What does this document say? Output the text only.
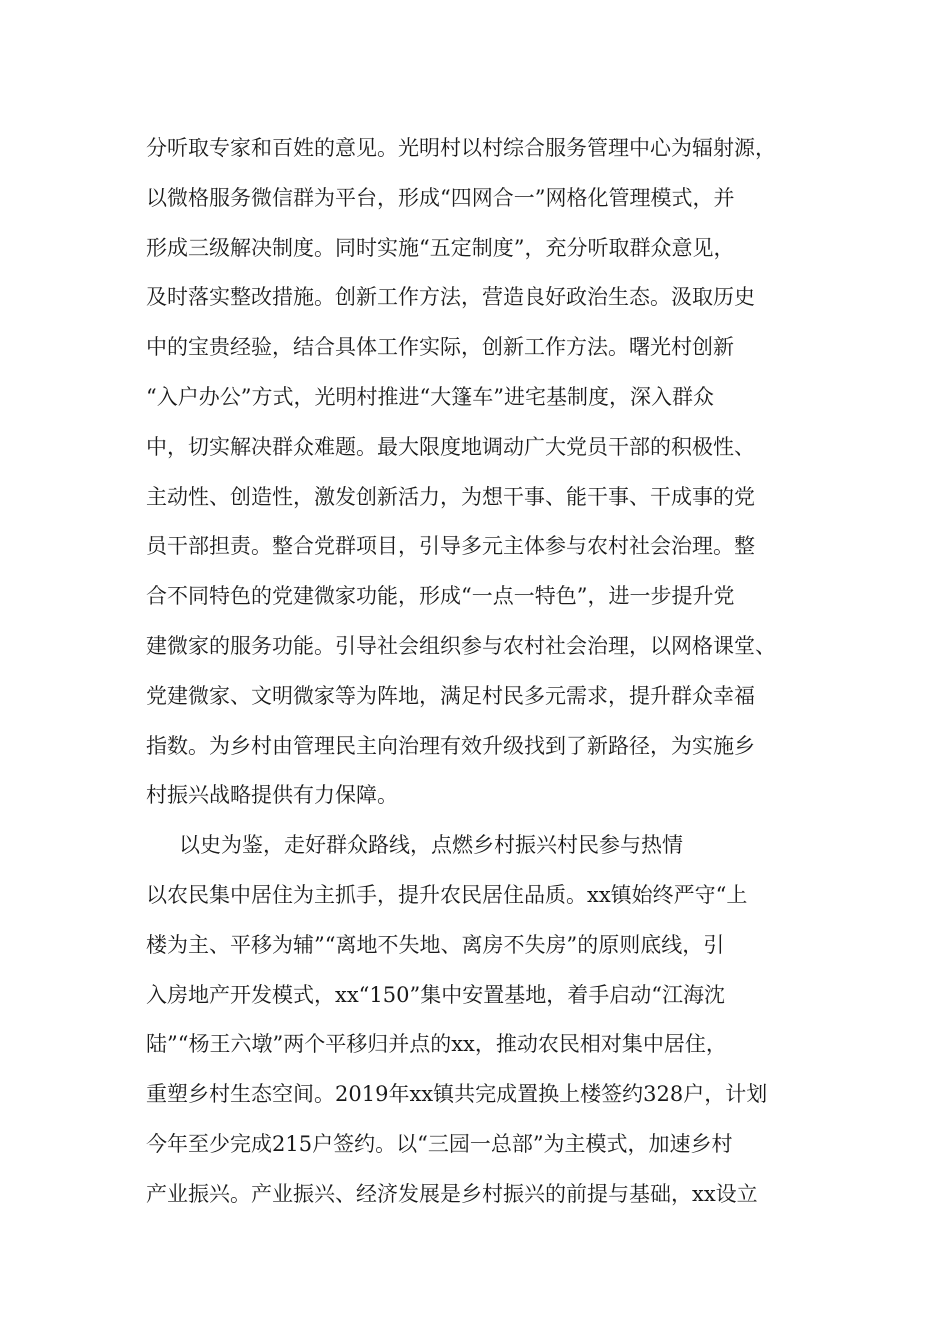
分听取专家和百姓的意见。光明村以村综合服务管理中心为辐射源，
以微格服务微信群为平台，形成“四网合一”网格化管理模式，并
形成三级解决制度。同时实施“五定制度”，充分听取群众意见，
及时落实整改措施。创新工作方法，营造良好政治生态。汲取历史
中的宝贵经验，结合具体工作实际，创新工作方法。曙光村创新
“入户办公”方式，光明村推进“大篷车”进宅基制度，深入群众
中，切实解决群众难题。最大限度地调动广大党员干部的积极性、
主动性、创造性，激发创新活力，为想干事、能干事、干成事的党
员干部担责。整合党群项目，引导多元主体参与农村社会治理。整
合不同特色的党建微家功能，形成“一点一特色”，进一步提升党
建微家的服务功能。引导社会组织参与农村社会治理，以网格课堂、
党建微家、文明微家等为阵地，满足村民多元需求，提升群众幸福
指数。为乡村由管理民主向治理有效升级找到了新路径，为实施乡
村振兴战略提供有力保障。
以史为鉴，走好群众路线，点燃乡村振兴村民参与热情
以农民集中居住为主抓手，提升农民居住品质。xx镇始终严守“上
楼为主、平移为辅”“离地不失地、离房不失房”的原则底线，引
入房地产开发模式，xx“150”集中安置基地，着手启动“江海沈
陆”“杨王六墩”两个平移归并点的xx，推动农民相对集中居住，
重塑乡村生态空间。2019年xx镇共完成置换上楼签约328户，计划
今年至少完成215户签约。以“三园一总部”为主模式，加速乡村
产业振兴。产业振兴、经济发展是乡村振兴的前提与基础，xx设立
